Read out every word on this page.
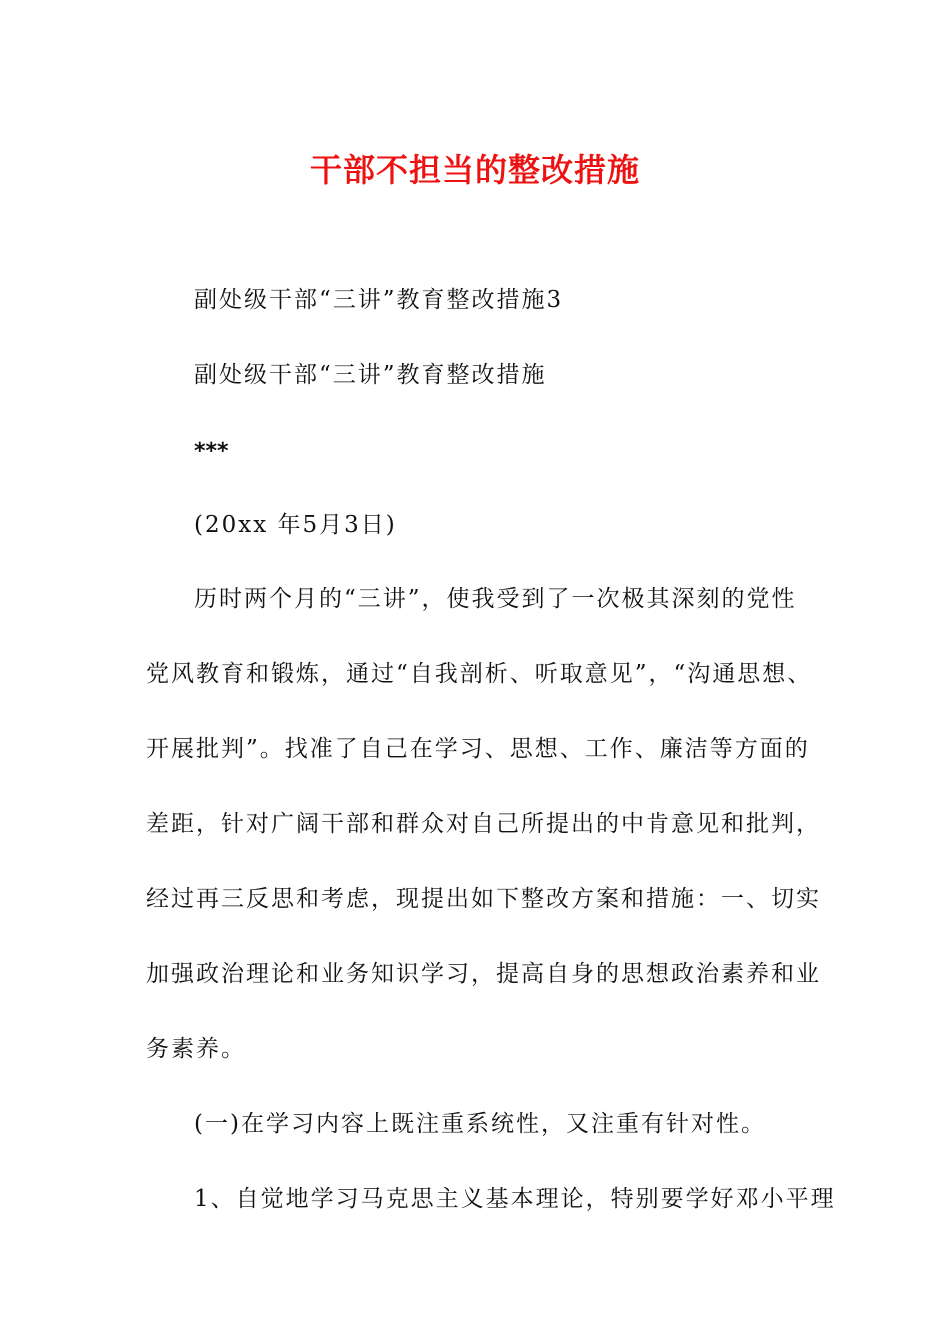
干部不担当的整改措施
副处级干部“三讲”教育整改措施3
副处级干部“三讲”教育整改措施
***
(20xx 年5月3日)
历时两个月的“三讲”，使我受到了一次极其深刻的党性
党风教育和锻炼，通过“自我剖析、听取意见”，“沟通思想、
开展批判”。找准了自己在学习、思想、工作、廉洁等方面的
差距，针对广阔干部和群众对自己所提出的中肯意见和批判，
经过再三反思和考虑，现提出如下整改方案和措施：一、切实
加强政治理论和业务知识学习，提高自身的思想政治素养和业
务素养。
(一)在学习内容上既注重系统性，又注重有针对性。
1、自觉地学习马克思主义基本理论，特别要学好邓小平理
